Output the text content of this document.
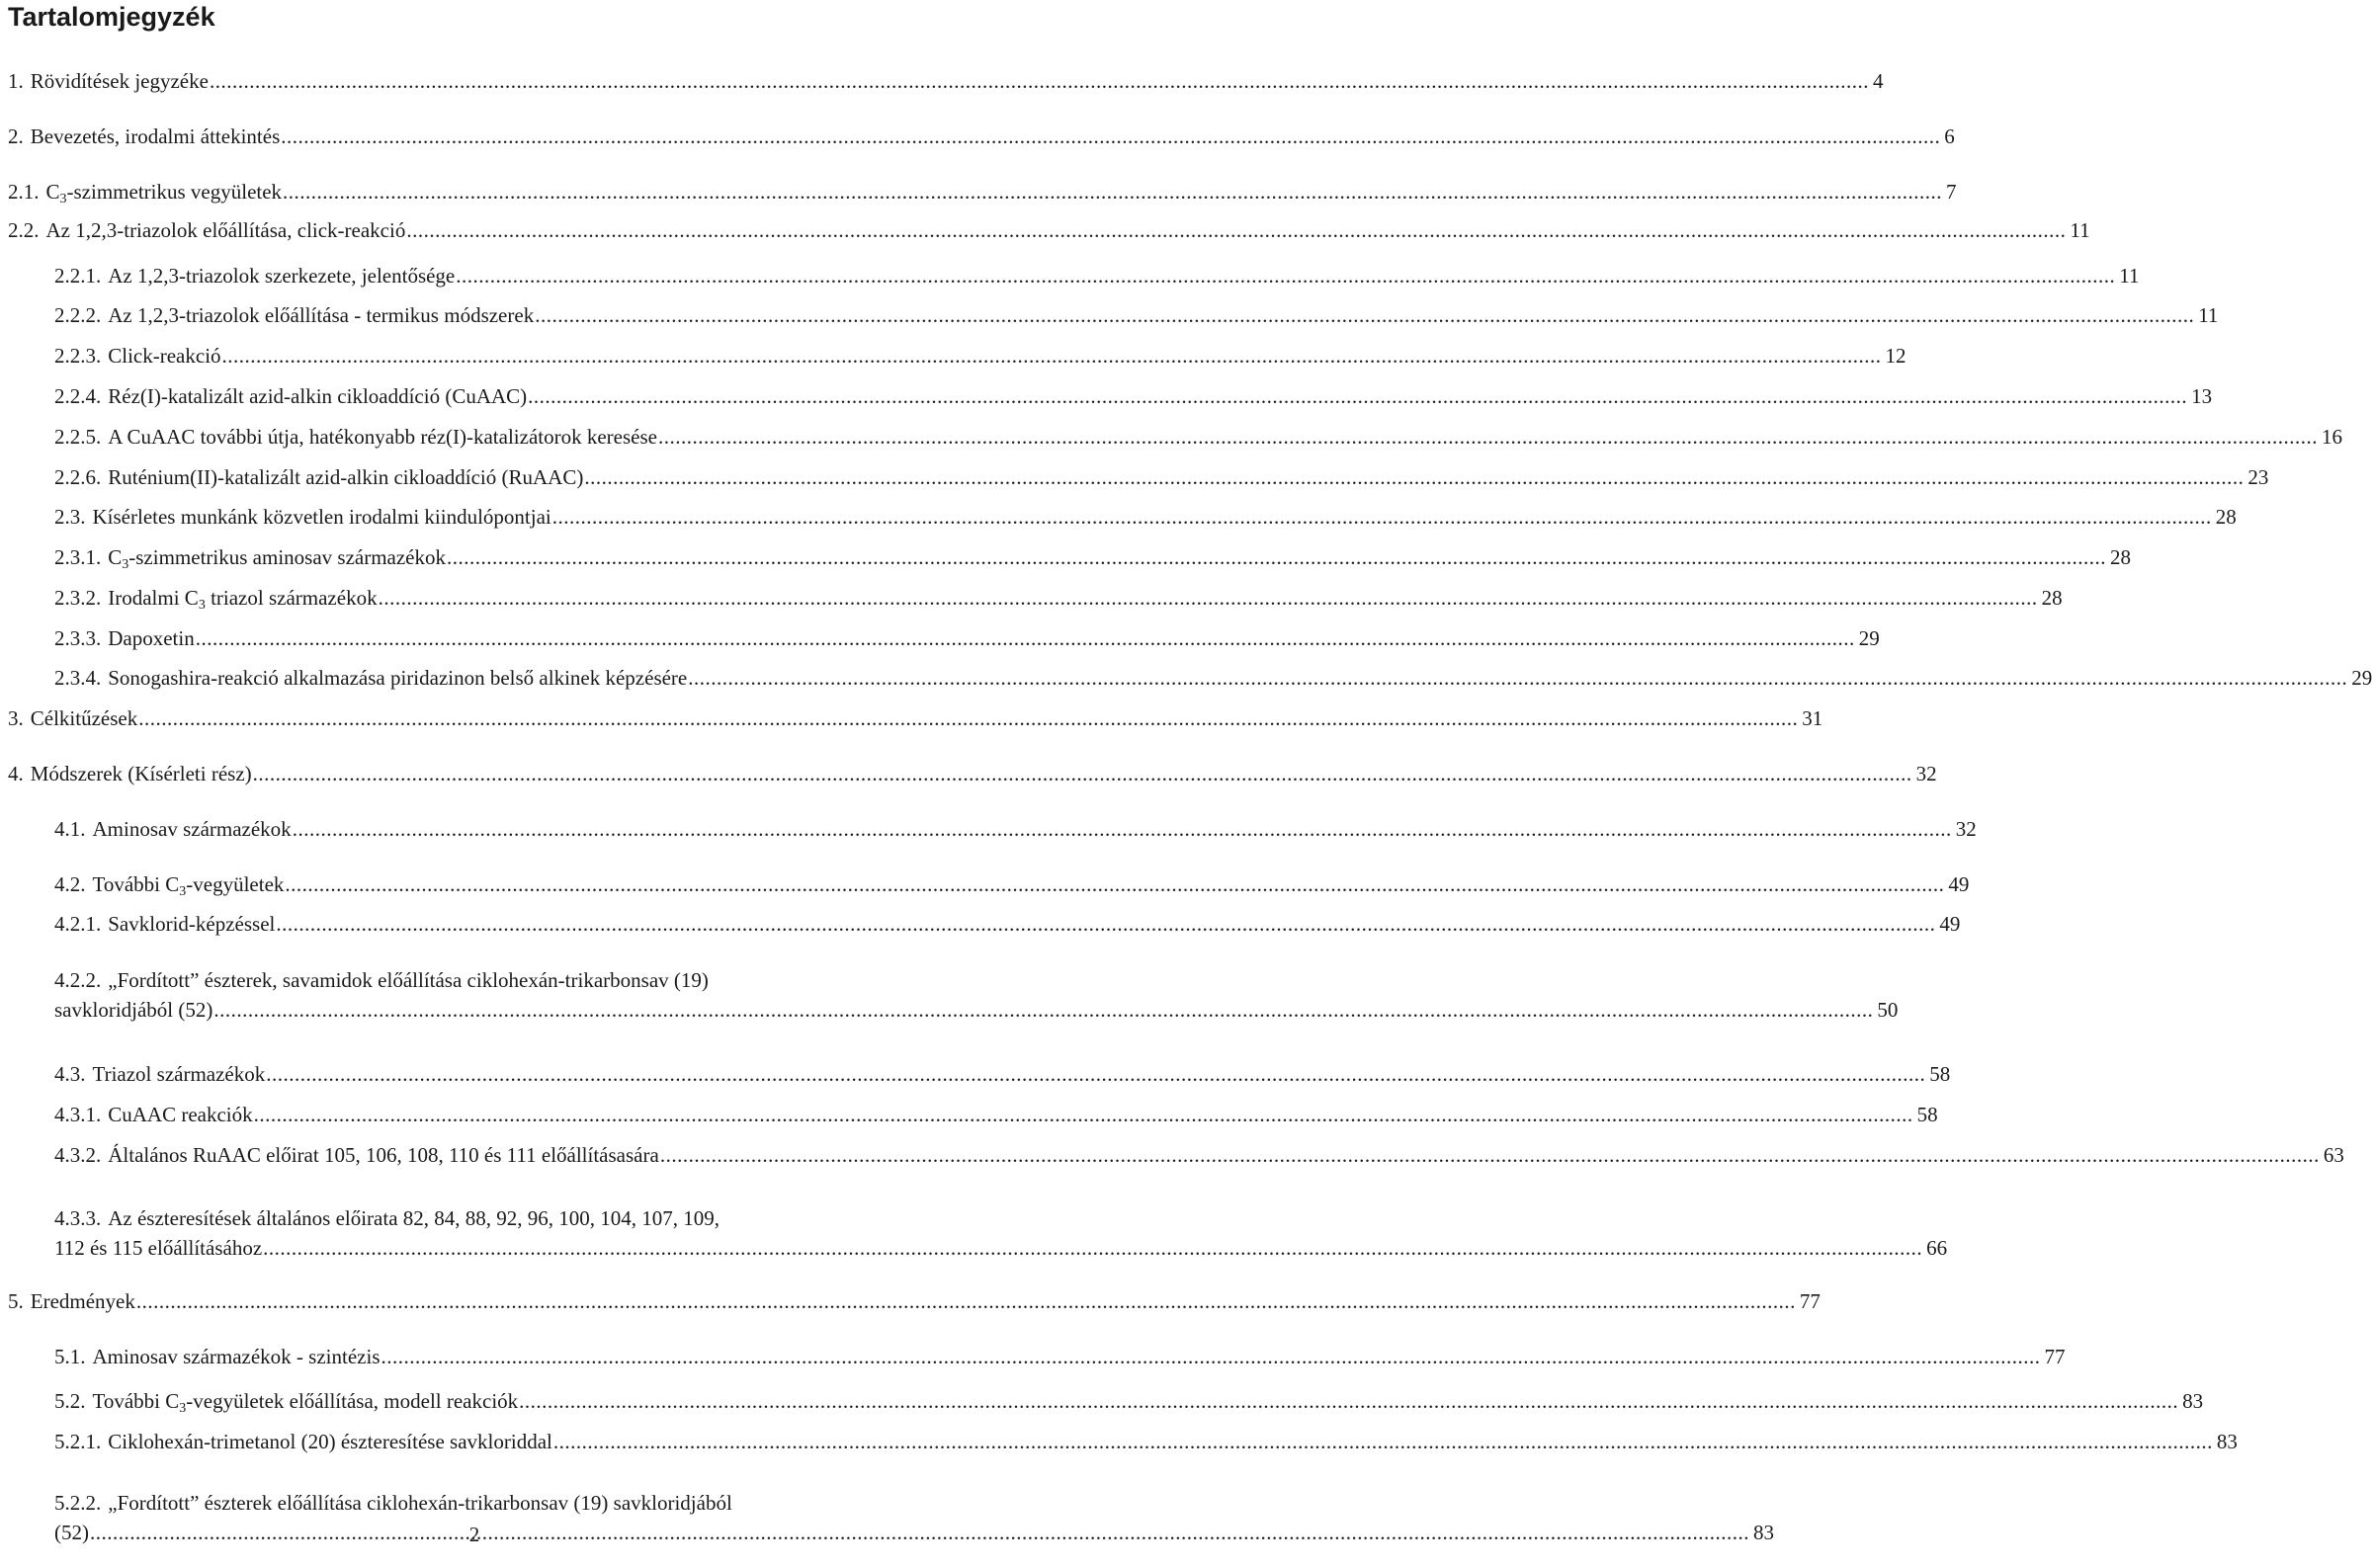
Tartalomjegyzék
1. Rövidítések jegyzéke .....	4
2. Bevezetés, irodalmi áttekintés .....	6
2.1. C3-szimmetrikus vegyületek .....	7
2.2. Az 1,2,3-triazolok előállítása, click-reakció .....	11
2.2.1. Az 1,2,3-triazolok szerkezete, jelentősége .....	11
2.2.2. Az 1,2,3-triazolok előállítása - termikus módszerek .....	11
2.2.3. Click-reakció .....	12
2.2.4. Réz(I)-katalizált azid-alkin cikloaddíció (CuAAC) .....	13
2.2.5. A CuAAC további útja, hatékonyabb réz(I)-katalizátorok keresése .....	16
2.2.6. Ruténium(II)-katalizált azid-alkin cikloaddíció (RuAAC) .....	23
2.3. Kísérletes munkánk közvetlen irodalmi kiindulópontjai .....	28
2.3.1. C3-szimmetrikus aminosav származékok .....	28
2.3.2. Irodalmi C3 triazol származékok .....	28
2.3.3. Dapoxetin .....	29
2.3.4. Sonogashira-reakció alkalmazása piridazinon belső alkinek képzésére .....	29
3. Célkitűzések .....	31
4. Módszerek (Kísérleti rész) .....	32
4.1. Aminosav származékok .....	32
4.2. További C3-vegyületek .....	49
4.2.1. Savklorid-képzéssel .....	49
4.2.2. „Fordított” észterek, savamidok előállítása ciklohexán-trikarbonsav (19)
savkloridjából (52) .....	50
4.3. Triazol származékok .....	58
4.3.1. CuAAC reakciók .....	58
4.3.2. Általános RuAAC előirat 105, 106, 108, 110 és 111 előállításasára .....	63
4.3.3. Az észteresítések általános előirata 82, 84, 88, 92, 96, 100, 104, 107, 109,
112 és 115 előállításához .....	66
5. Eredmények .....	77
5.1. Aminosav származékok - szintézis .....	77
5.2. További C3-vegyületek előállítása, modell reakciók .....	83
5.2.1. Ciklohexán-trimetanol (20) észteresítése savkloriddal .....	83
5.2.2. „Fordított” észterek előállítása ciklohexán-trikarbonsav (19) savkloridjából
(52) .....	83
2
